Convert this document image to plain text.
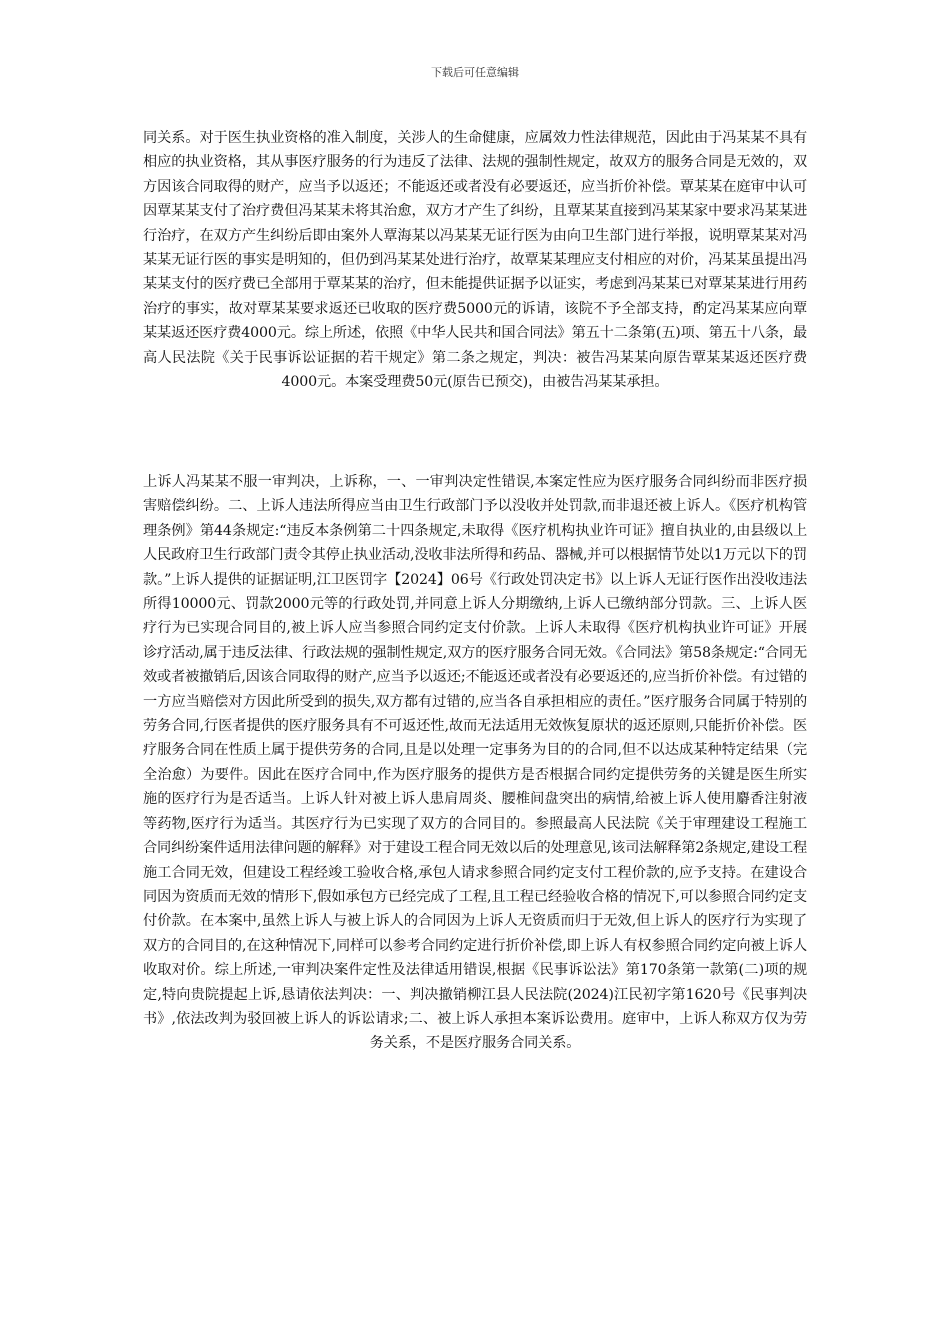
下载后可任意编辑

同关系。对于医生执业资格的准入制度，关涉人的生命健康，应属效力性法律规范，因此由于冯某某不具有相应的执业资格，其从事医疗服务的行为违反了法律、法规的强制性规定，故双方的服务合同是无效的，双方因该合同取得的财产，应当予以返还；不能返还或者没有必要返还，应当折价补偿。覃某某在庭审中认可因覃某某支付了治疗费但冯某某未将其治愈，双方才产生了纠纷，且覃某某直接到冯某某家中要求冯某某进行治疗，在双方产生纠纷后即由案外人覃海某以冯某某无证行医为由向卫生部门进行举报，说明覃某某对冯某某无证行医的事实是明知的，但仍到冯某某处进行治疗，故覃某某理应支付相应的对价，冯某某虽提出冯某某支付的医疗费已全部用于覃某某的治疗，但未能提供证据予以证实，考虑到冯某某已对覃某某进行用药治疗的事实，故对覃某某要求返还已收取的医疗费5000元的诉请，该院不予全部支持，酌定冯某某应向覃某某返还医疗费4000元。综上所述，依照《中华人民共和国合同法》第五十二条第(五)项、第五十八条，最高人民法院《关于民事诉讼证据的若干规定》第二条之规定，判决：被告冯某某向原告覃某某返还医疗费4000元。本案受理费50元(原告已预交)，由被告冯某某承担。

上诉人冯某某不服一审判决，上诉称，一、一审判决定性错误,本案定性应为医疗服务合同纠纷而非医疗损害赔偿纠纷。二、上诉人违法所得应当由卫生行政部门予以没收并处罚款,而非退还被上诉人。《医疗机构管理条例》第44条规定:“违反本条例第二十四条规定,未取得《医疗机构执业许可证》擅自执业的,由县级以上人民政府卫生行政部门责令其停止执业活动,没收非法所得和药品、器械,并可以根据情节处以1万元以下的罚款。”上诉人提供的证据证明,江卫医罚字【2024】06号《行政处罚决定书》以上诉人无证行医作出没收违法所得10000元、罚款2000元等的行政处罚,并同意上诉人分期缴纳,上诉人已缴纳部分罚款。三、上诉人医疗行为已实现合同目的,被上诉人应当参照合同约定支付价款。上诉人未取得《医疗机构执业许可证》开展诊疗活动,属于违反法律、行政法规的强制性规定,双方的医疗服务合同无效。《合同法》第58条规定:“合同无效或者被撤销后,因该合同取得的财产,应当予以返还;不能返还或者没有必要返还的,应当折价补偿。有过错的一方应当赔偿对方因此所受到的损失,双方都有过错的,应当各自承担相应的责任。”医疗服务合同属于特别的劳务合同,行医者提供的医疗服务具有不可返还性,故而无法适用无效恢复原状的返还原则,只能折价补偿。医疗服务合同在性质上属于提供劳务的合同,且是以处理一定事务为目的的合同,但不以达成某种特定结果（完全治愈）为要件。因此在医疗合同中,作为医疗服务的提供方是否根据合同约定提供劳务的关键是医生所实施的医疗行为是否适当。上诉人针对被上诉人患肩周炎、腰椎间盘突出的病情,给被上诉人使用麝香注射液等药物,医疗行为适当。其医疗行为已实现了双方的合同目的。参照最高人民法院《关于审理建设工程施工合同纠纷案件适用法律问题的解释》对于建设工程合同无效以后的处理意见,该司法解释第2条规定,建设工程施工合同无效，但建设工程经竣工验收合格,承包人请求参照合同约定支付工程价款的,应予支持。在建设合同因为资质而无效的情形下,假如承包方已经完成了工程,且工程已经验收合格的情况下,可以参照合同约定支付价款。在本案中,虽然上诉人与被上诉人的合同因为上诉人无资质而归于无效,但上诉人的医疗行为实现了双方的合同目的,在这种情况下,同样可以参考合同约定进行折价补偿,即上诉人有权参照合同约定向被上诉人收取对价。综上所述,一审判决案件定性及法律适用错误,根据《民事诉讼法》第170条第一款第(二)项的规定,特向贵院提起上诉,恳请依法判决：一、判决撤销柳江县人民法院(2024)江民初字第1620号《民事判决书》,依法改判为驳回被上诉人的诉讼请求;二、被上诉人承担本案诉讼费用。庭审中，上诉人称双方仅为劳务关系，不是医疗服务合同关系。
